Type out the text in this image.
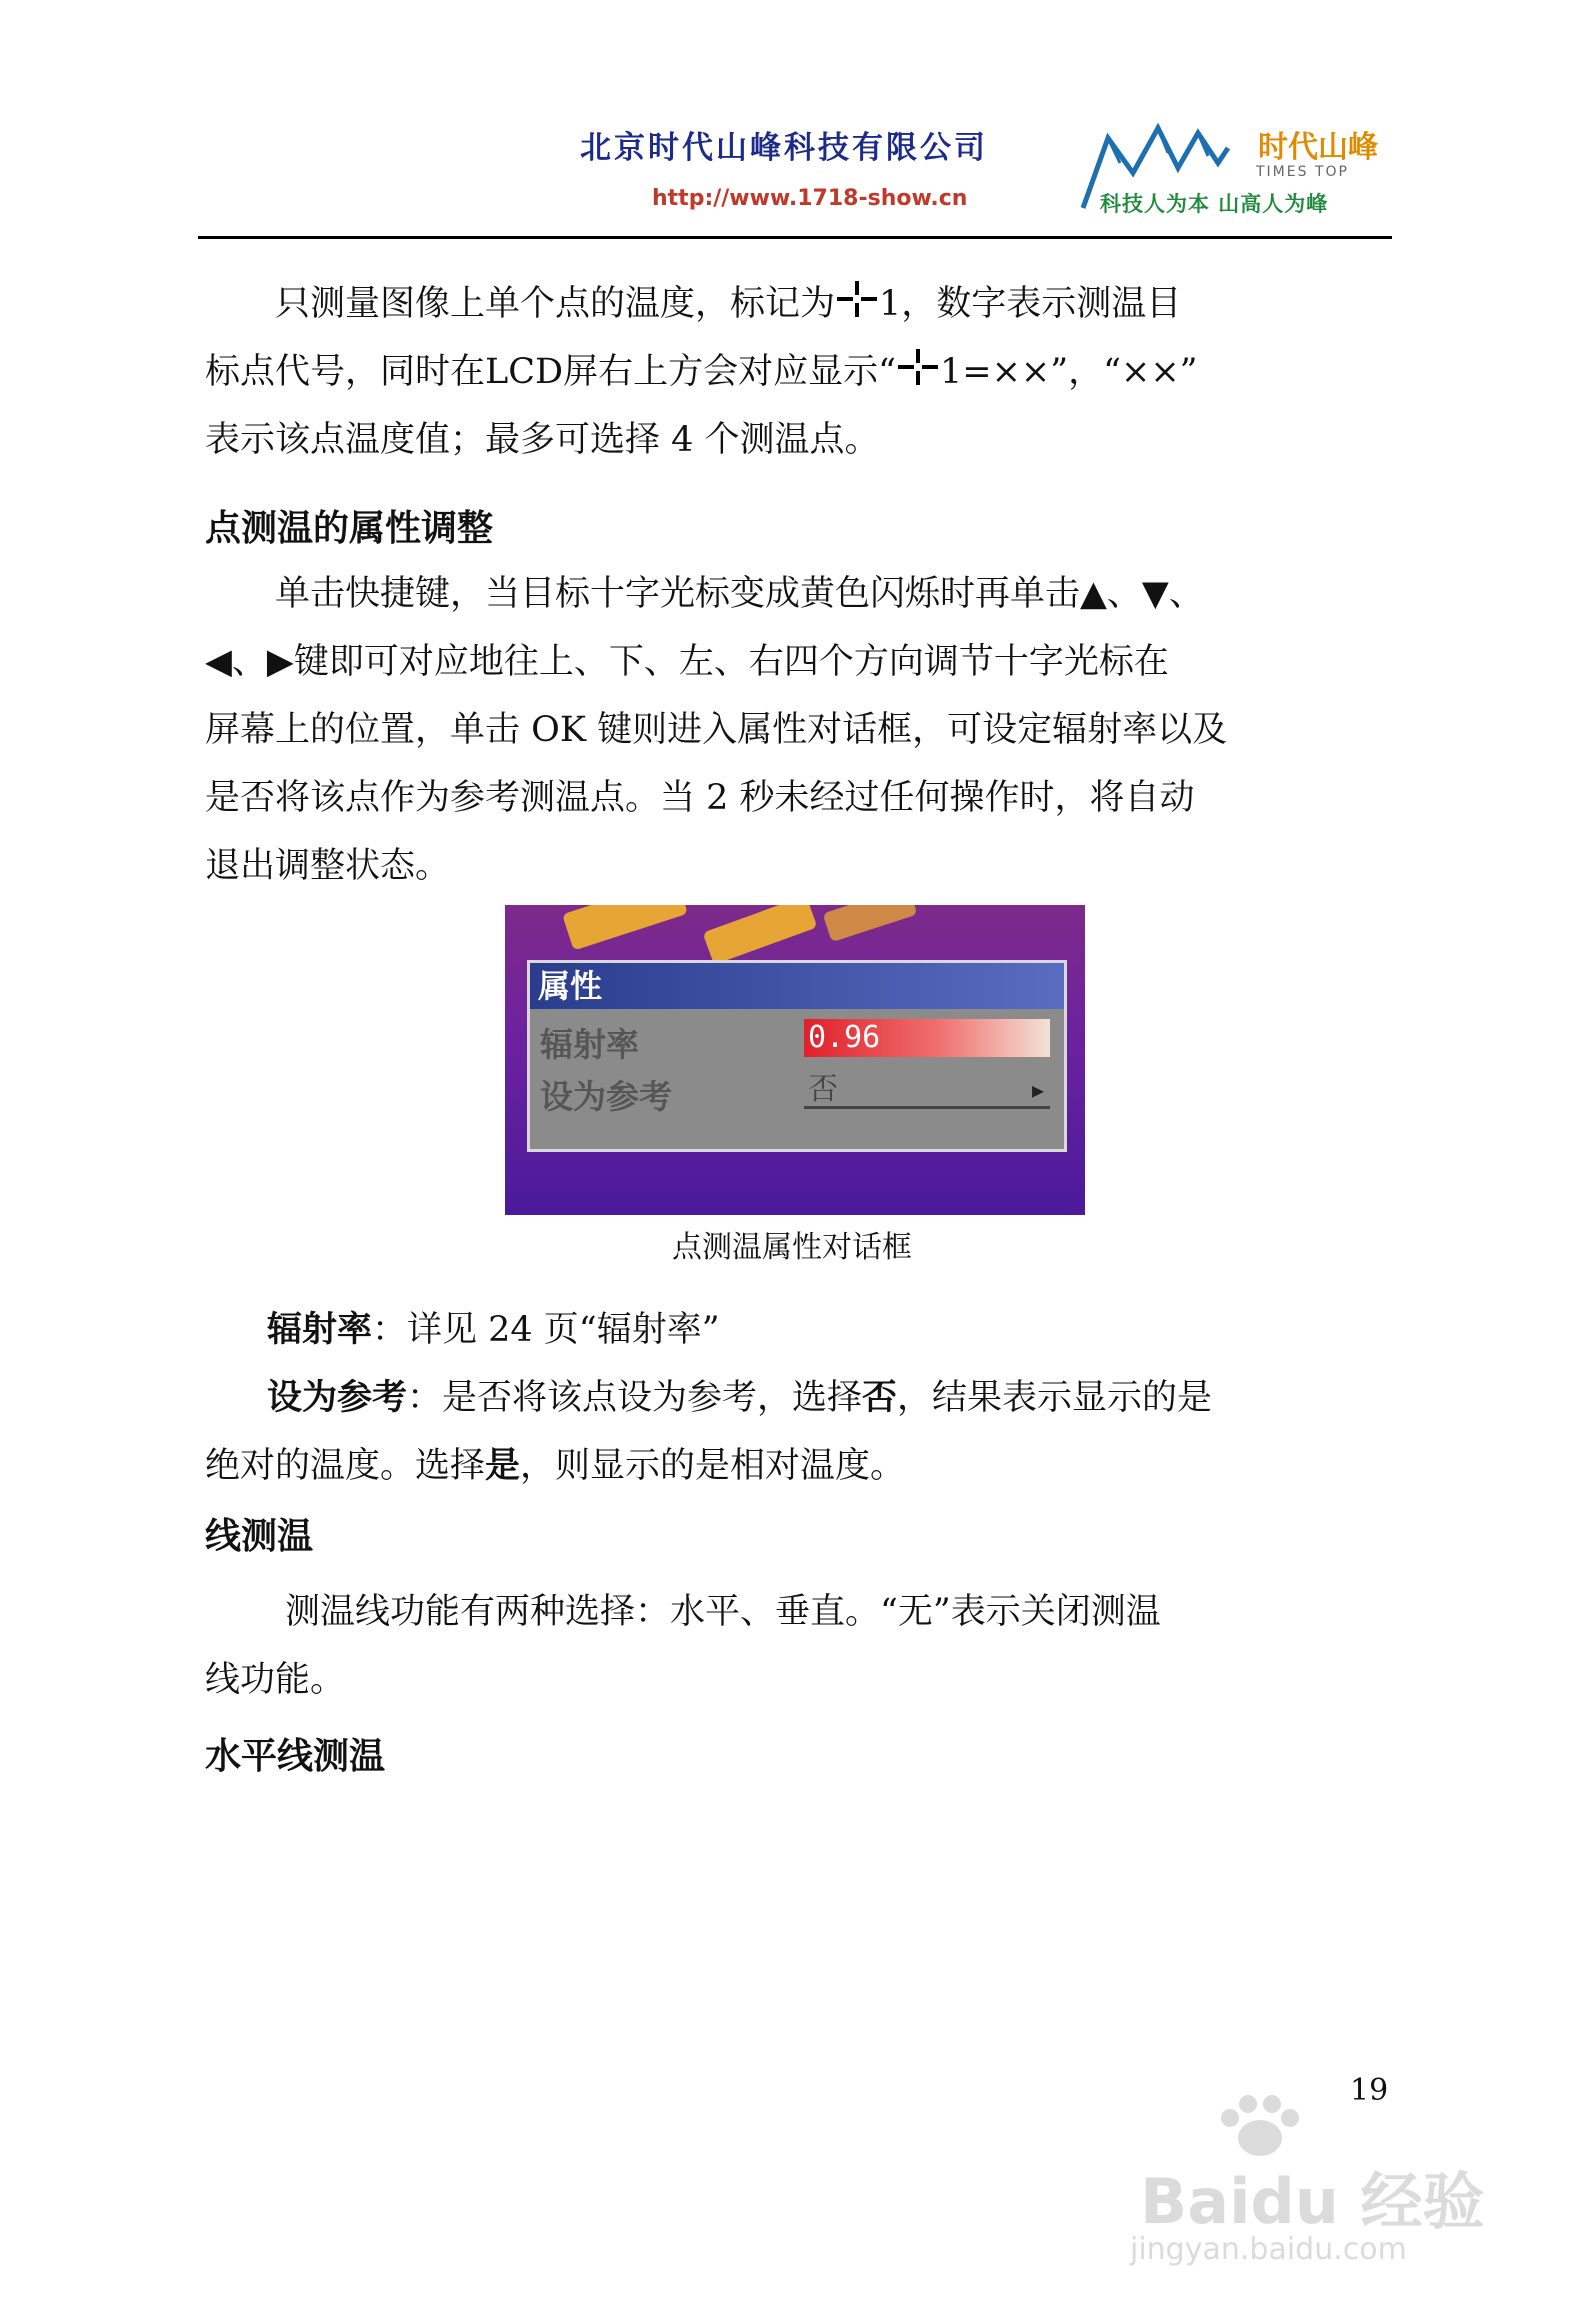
北京时代山峰科技有限公司
http://www.1718-show.cn
时代山峰
TIMES TOP
科技人为本 山高人为峰
只测量图像上单个点的温度，标记为 1，数字表示测温目
标点代号，同时在LCD屏右上方会对应显示“ 1=××”，“××”
表示该点温度值；最多可选择 4 个测温点。
点测温的属性调整
单击快捷键，当目标十字光标变成黄色闪烁时再单击▲、▼、
◀、▶键即可对应地往上、下、左、右四个方向调节十字光标在
屏幕上的位置，单击 OK 键则进入属性对话框，可设定辐射率以及
是否将该点作为参考测温点。当 2 秒未经过任何操作时，将自动
退出调整状态。
属性
辐射率	0.96
设为参考	否	▶
点测温属性对话框
辐射率：详见 24 页“辐射率”
设为参考：是否将该点设为参考，选择否，结果表示显示的是
绝对的温度。选择是，则显示的是相对温度。
线测温
测温线功能有两种选择：水平、垂直。“无”表示关闭测温
线功能。
水平线测温
19
Baidu 经验
jingyan.baidu.com
